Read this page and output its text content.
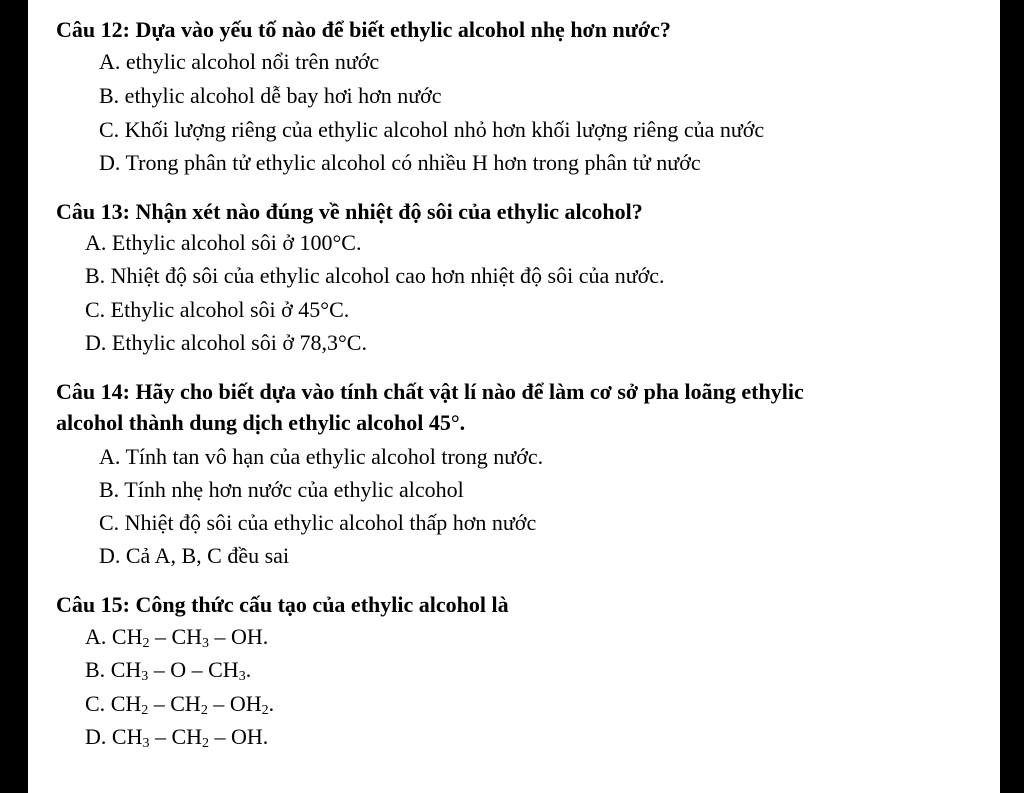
Câu 12: Dựa vào yếu tố nào để biết ethylic alcohol nhẹ hơn nước?
A. ethylic alcohol nổi trên nước
B. ethylic alcohol dễ bay hơi hơn nước
C. Khối lượng riêng của ethylic alcohol nhỏ hơn khối lượng riêng của nước
D. Trong phân tử ethylic alcohol có nhiều H hơn trong phân tử nước
Câu 13: Nhận xét nào đúng về nhiệt độ sôi của ethylic alcohol?
A. Ethylic alcohol sôi ở 100°C.
B. Nhiệt độ sôi của ethylic alcohol cao hơn nhiệt độ sôi của nước.
C. Ethylic alcohol sôi ở 45°C.
D. Ethylic alcohol sôi ở 78,3°C.
Câu 14: Hãy cho biết dựa vào tính chất vật lí nào để làm cơ sở pha loãng ethylic
alcohol thành dung dịch ethylic alcohol 45°.
A. Tính tan vô hạn của ethylic alcohol trong nước.
B. Tính nhẹ hơn nước của ethylic alcohol
C. Nhiệt độ sôi của ethylic alcohol thấp hơn nước
D. Cả A, B, C đều sai
Câu 15: Công thức cấu tạo của ethylic alcohol là
A. $CH_2 - CH_3$ – OH.
B. $CH_3$ – O – $CH_3$.
C. $CH_2 - CH_2 - OH_2$.
D. $CH_3 - CH_2$ – OH.
